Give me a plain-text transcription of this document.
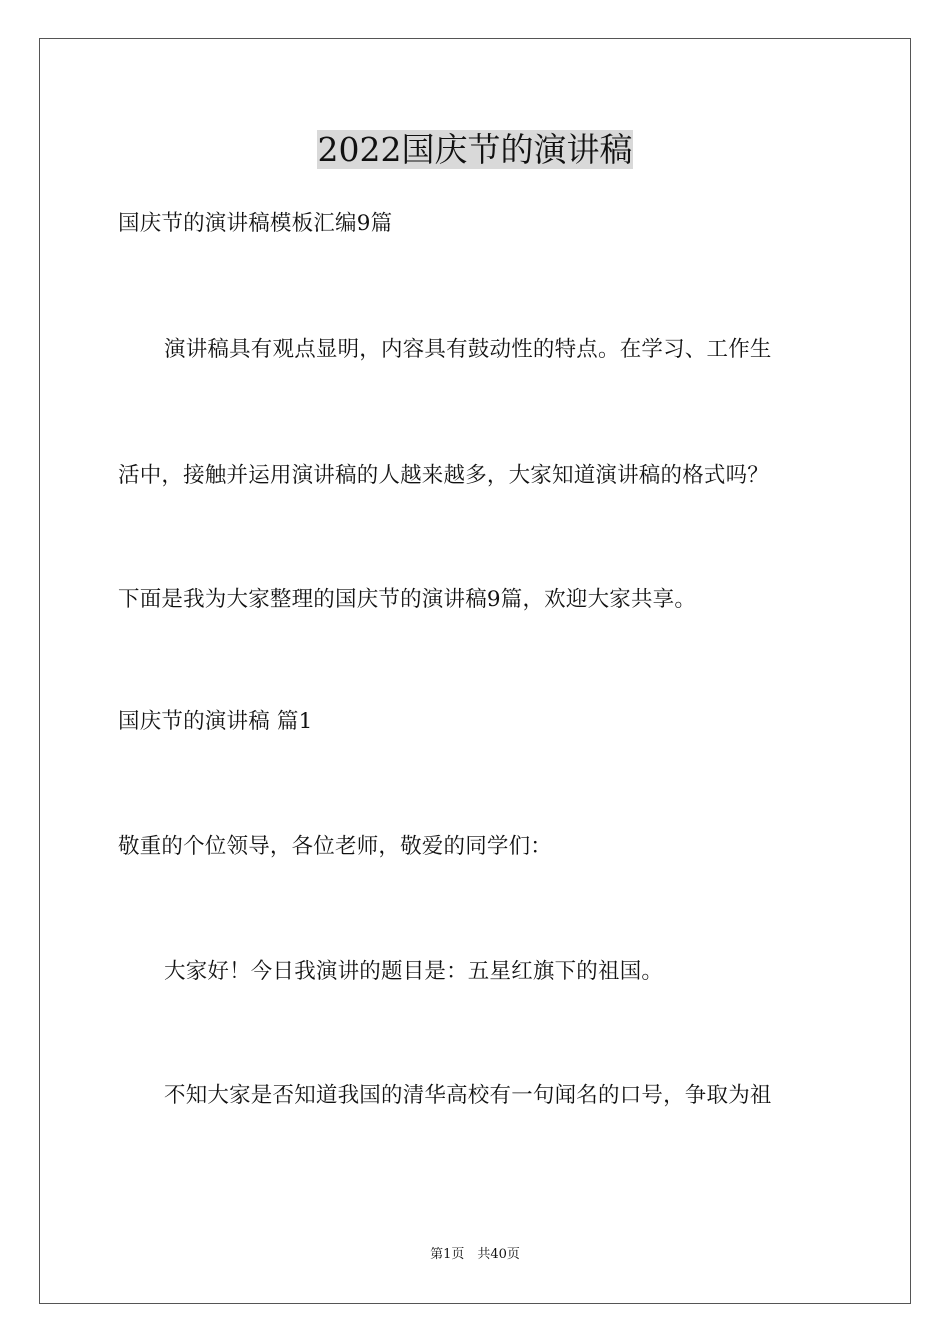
2022国庆节的演讲稿
国庆节的演讲稿模板汇编9篇
演讲稿具有观点显明，内容具有鼓动性的特点。在学习、工作生
活中，接触并运用演讲稿的人越来越多，大家知道演讲稿的格式吗？
下面是我为大家整理的国庆节的演讲稿9篇，欢迎大家共享。
国庆节的演讲稿 篇1
敬重的个位领导，各位老师，敬爱的同学们：
大家好！今日我演讲的题目是：五星红旗下的祖国。
不知大家是否知道我国的清华高校有一句闻名的口号，争取为祖
第1页　共40页
